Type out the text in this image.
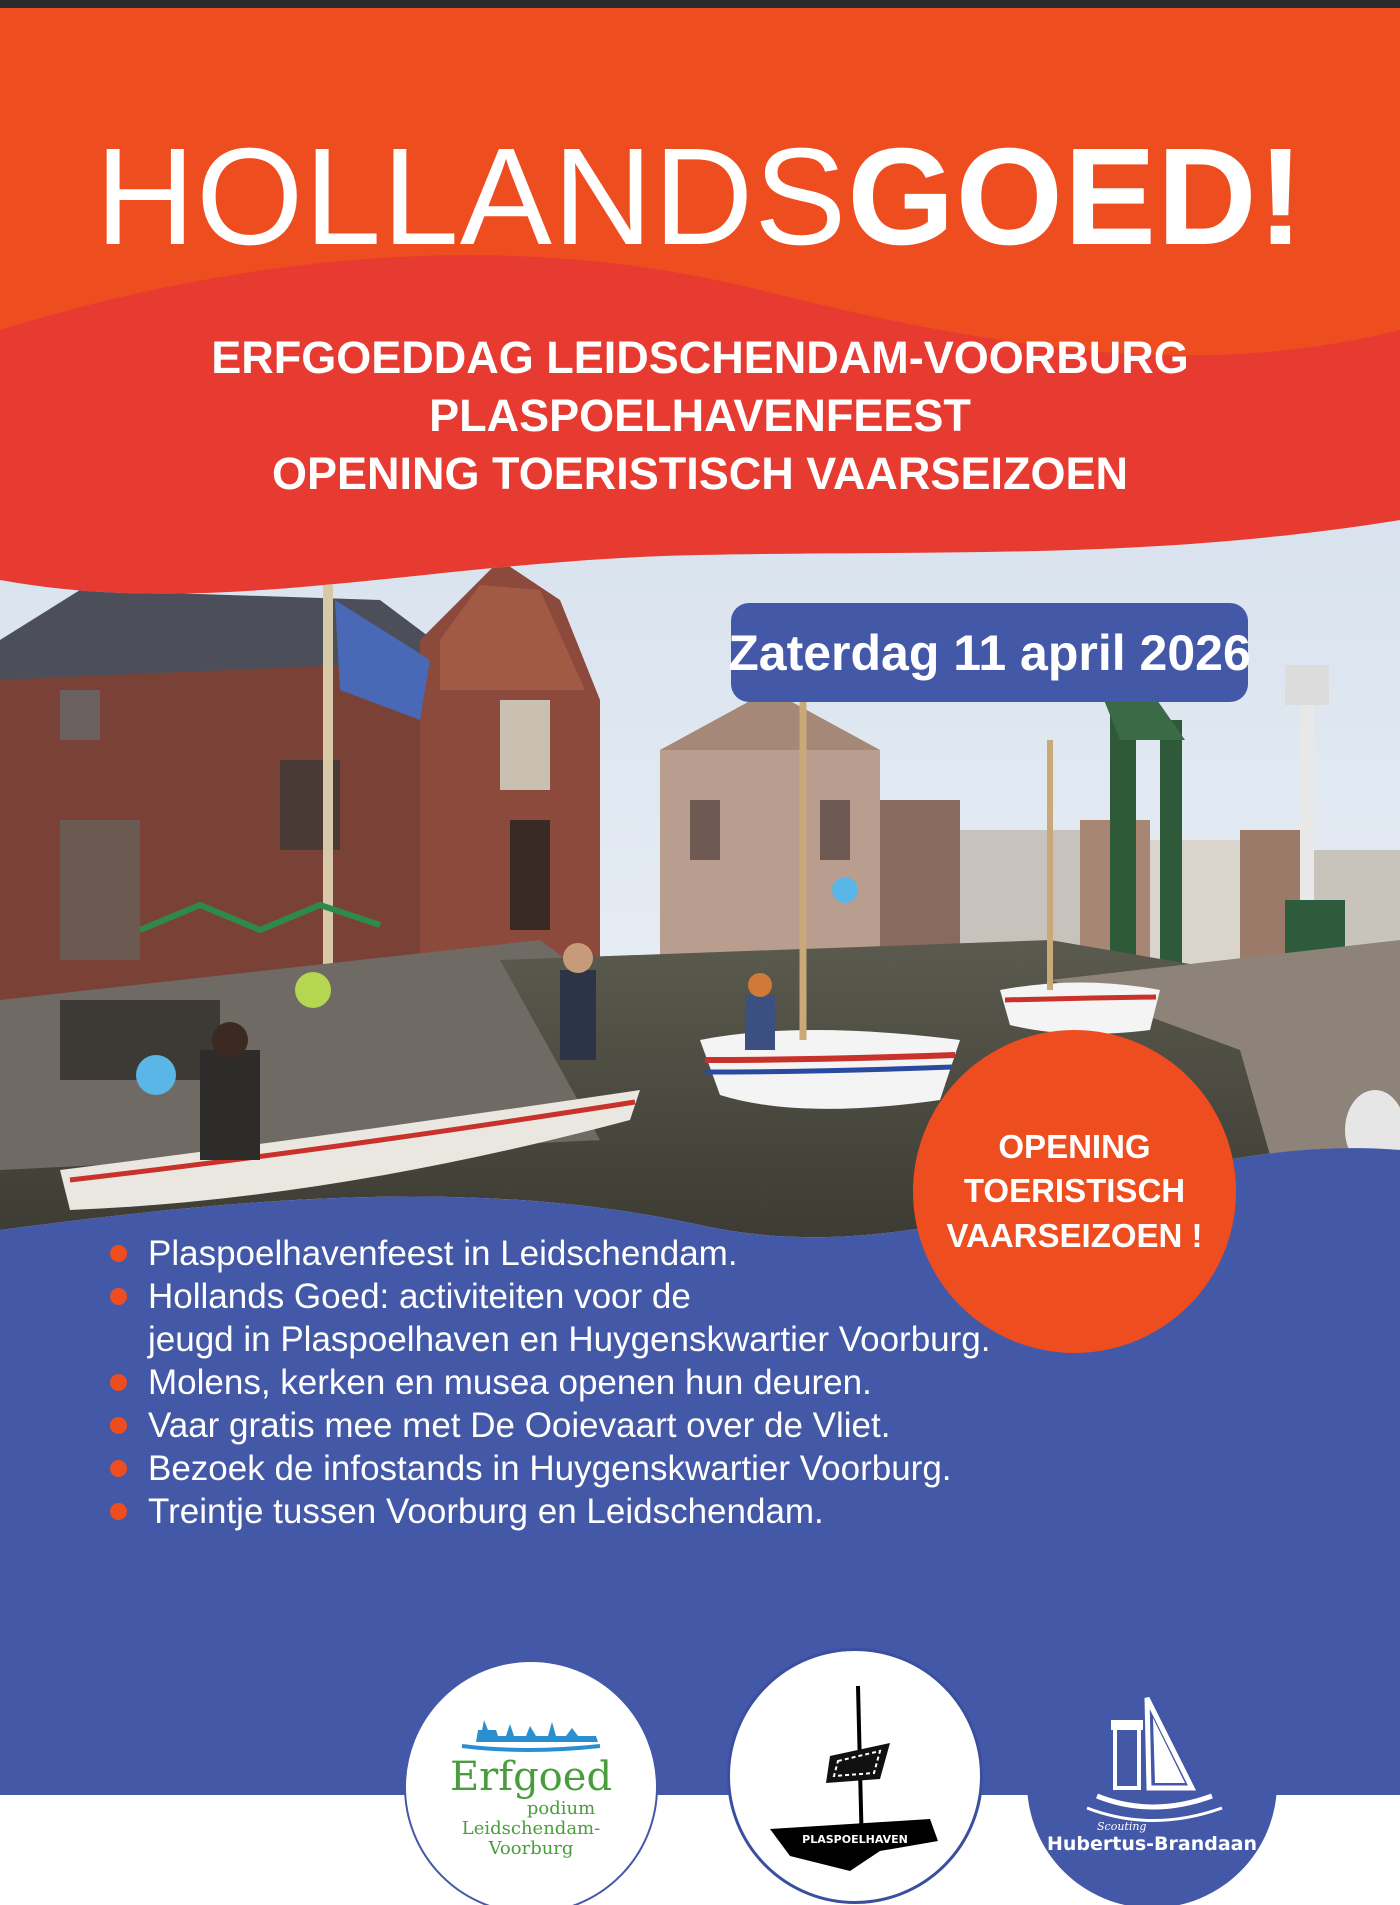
HOLLANDSGOED!
ERFGOEDDAG LEIDSCHENDAM-VOORBURG
PLASPOELHAVENFEEST
OPENING TOERISTISCH VAARSEIZOEN
Zaterdag 11 april 2026
OPENING
TOERISTISCH
VAARSEIZOEN !
Plaspoelhavenfeest in Leidschendam.
Hollands Goed: activiteiten voor de
jeugd in Plaspoelhaven en Huygenskwartier Voorburg.
Molens, kerken en musea openen hun deuren.
Vaar gratis mee met De Ooievaart over de Vliet.
Bezoek de infostands in Huygenskwartier Voorburg.
Treintje tussen Voorburg en Leidschendam.
Erfgoed
podium
Leidschendam-
Voorburg	PLASPOELHAVEN
Scouting
Hubertus-Brandaan
